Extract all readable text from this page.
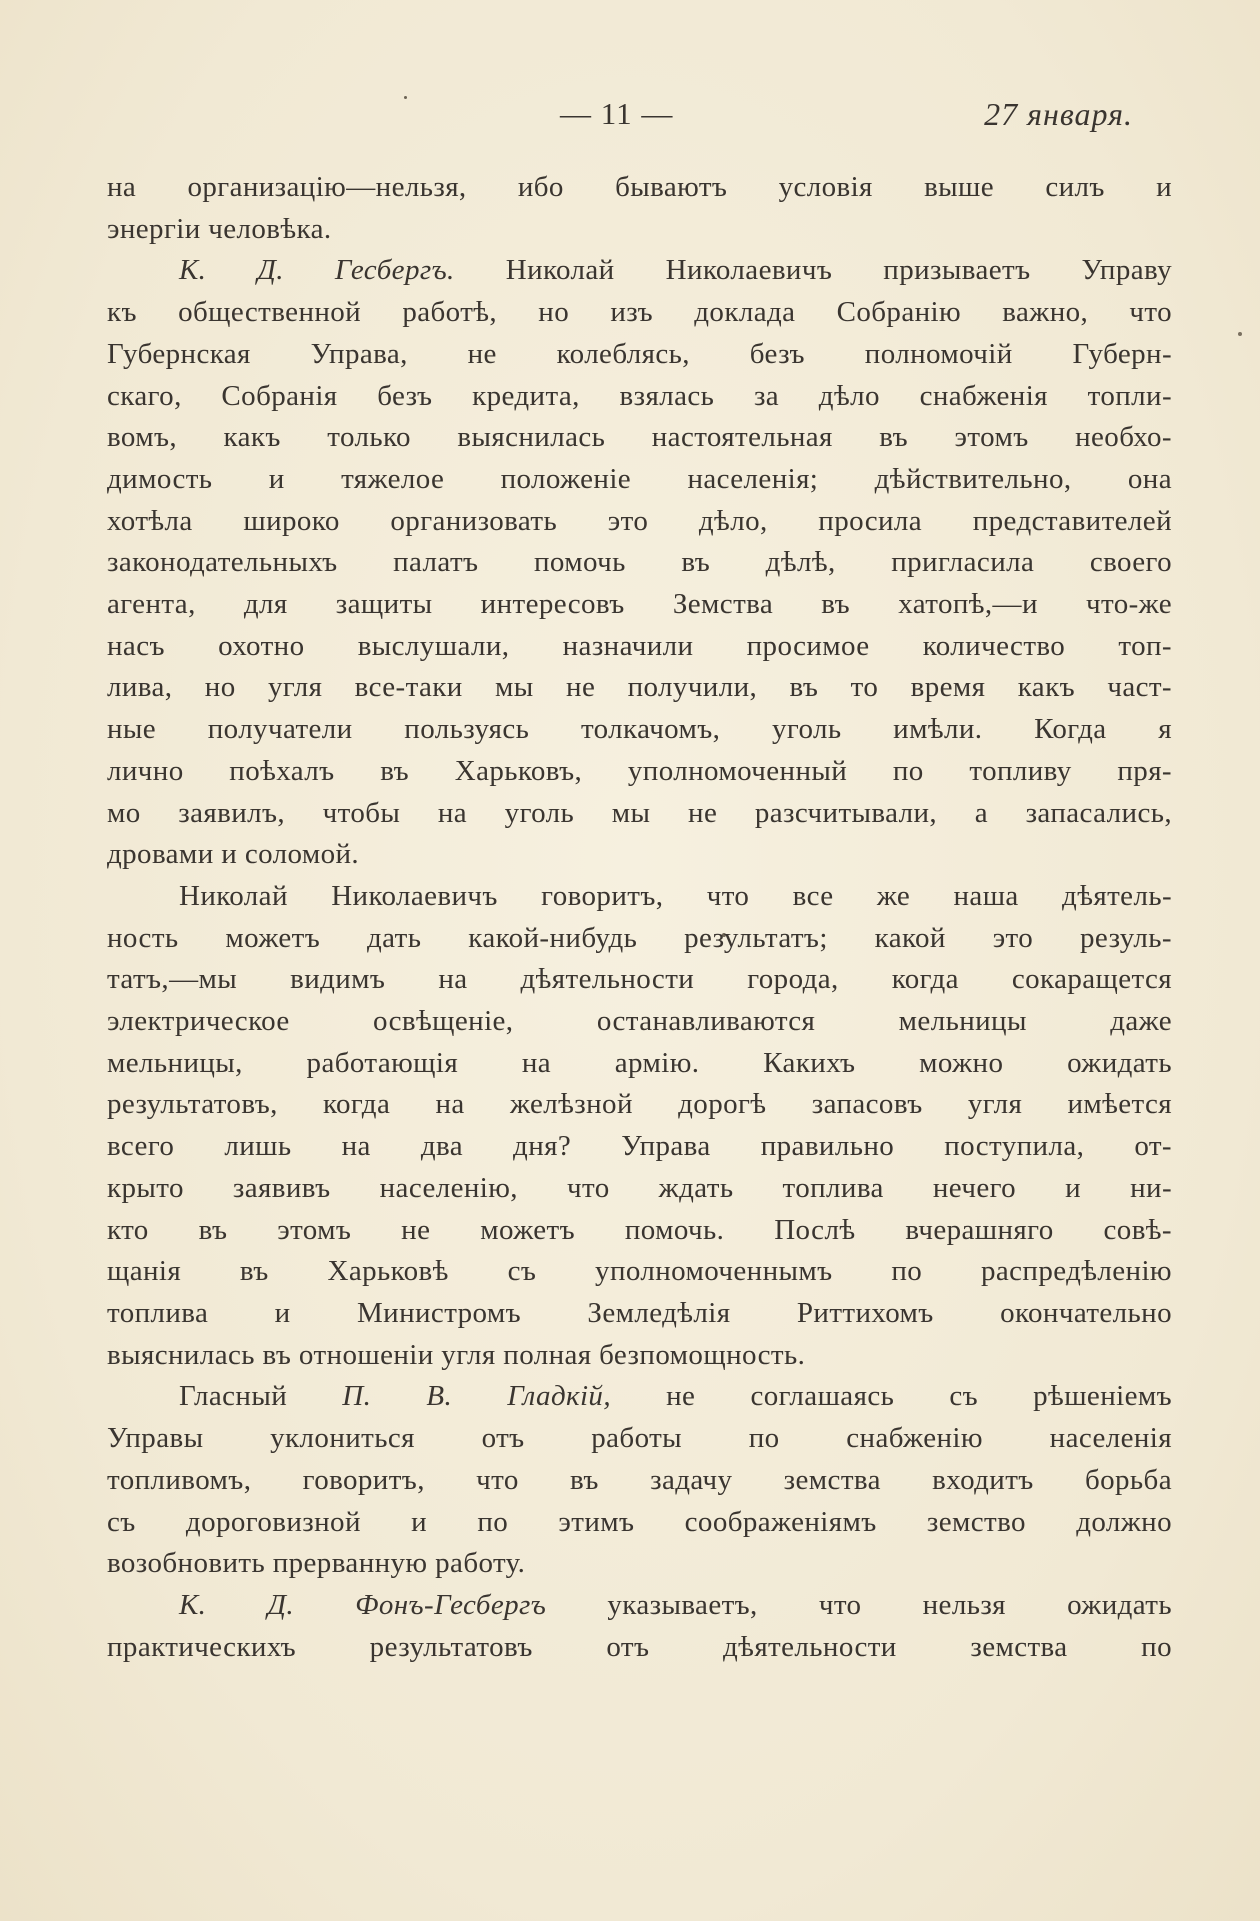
— 11 —	27 января.

на организацію—нельзя, ибо бываютъ условія выше силъ и
энергіи человѣка.

К. Д. Гесбергъ. Николай Николаевичъ призываетъ Управу
къ общественной работѣ, но изъ доклада Собранію важно, что
Губернская Управа, не колеблясь, безъ полномочій Губерн-
скаго, Собранія безъ кредита, взялась за дѣло снабженія топли-
вомъ, какъ только выяснилась настоятельная въ этомъ необхо-
димость и тяжелое положеніе населенія; дѣйствительно, она
хотѣла широко организовать это дѣло, просила представителей
законодательныхъ палатъ помочь въ дѣлѣ, пригласила своего
агента, для защиты интересовъ Земства въ хатопѣ,—и что-же
насъ охотно выслушали, назначили просимое количество топ-
лива, но угля все-таки мы не получили, въ то время какъ част-
ные получатели пользуясь толкачомъ, уголь имѣли. Когда я
лично поѣхалъ въ Харьковъ, уполномоченный по топливу пря-
мо заявилъ, чтобы на уголь мы не разсчитывали, а запасались,
дровами и соломой.

Николай Николаевичъ говоритъ, что все же наша дѣятель-
ность можетъ дать какой-нибудь результатъ; какой это резуль-
татъ,—мы видимъ на дѣятельности города, когда сокаращется
электрическое освѣщеніе, останавливаются мельницы даже
мельницы, работающія на армію. Какихъ можно ожидать
результатовъ, когда на желѣзной дорогѣ запасовъ угля имѣется
всего лишь на два дня? Управа правильно поступила, от-
крыто заявивъ населенію, что ждать топлива нечего и ни-
кто въ этомъ не можетъ помочь. Послѣ вчерашняго совѣ-
щанія въ Харьковѣ съ уполномоченнымъ по распредѣленію
топлива и Министромъ Земледѣлія Риттихомъ окончательно
выяснилась въ отношеніи угля полная безпомощность.

Гласный П. В. Гладкій, не соглашаясь съ рѣшеніемъ
Управы уклониться отъ работы по снабженію населенія
топливомъ, говоритъ, что въ задачу земства входитъ борьба
съ дороговизной и по этимъ соображеніямъ земство должно
возобновить прерванную работу.

К. Д. Фонъ-Гесбергъ указываетъ, что нельзя ожидать
практическихъ результатовъ отъ дѣятельности земства по
